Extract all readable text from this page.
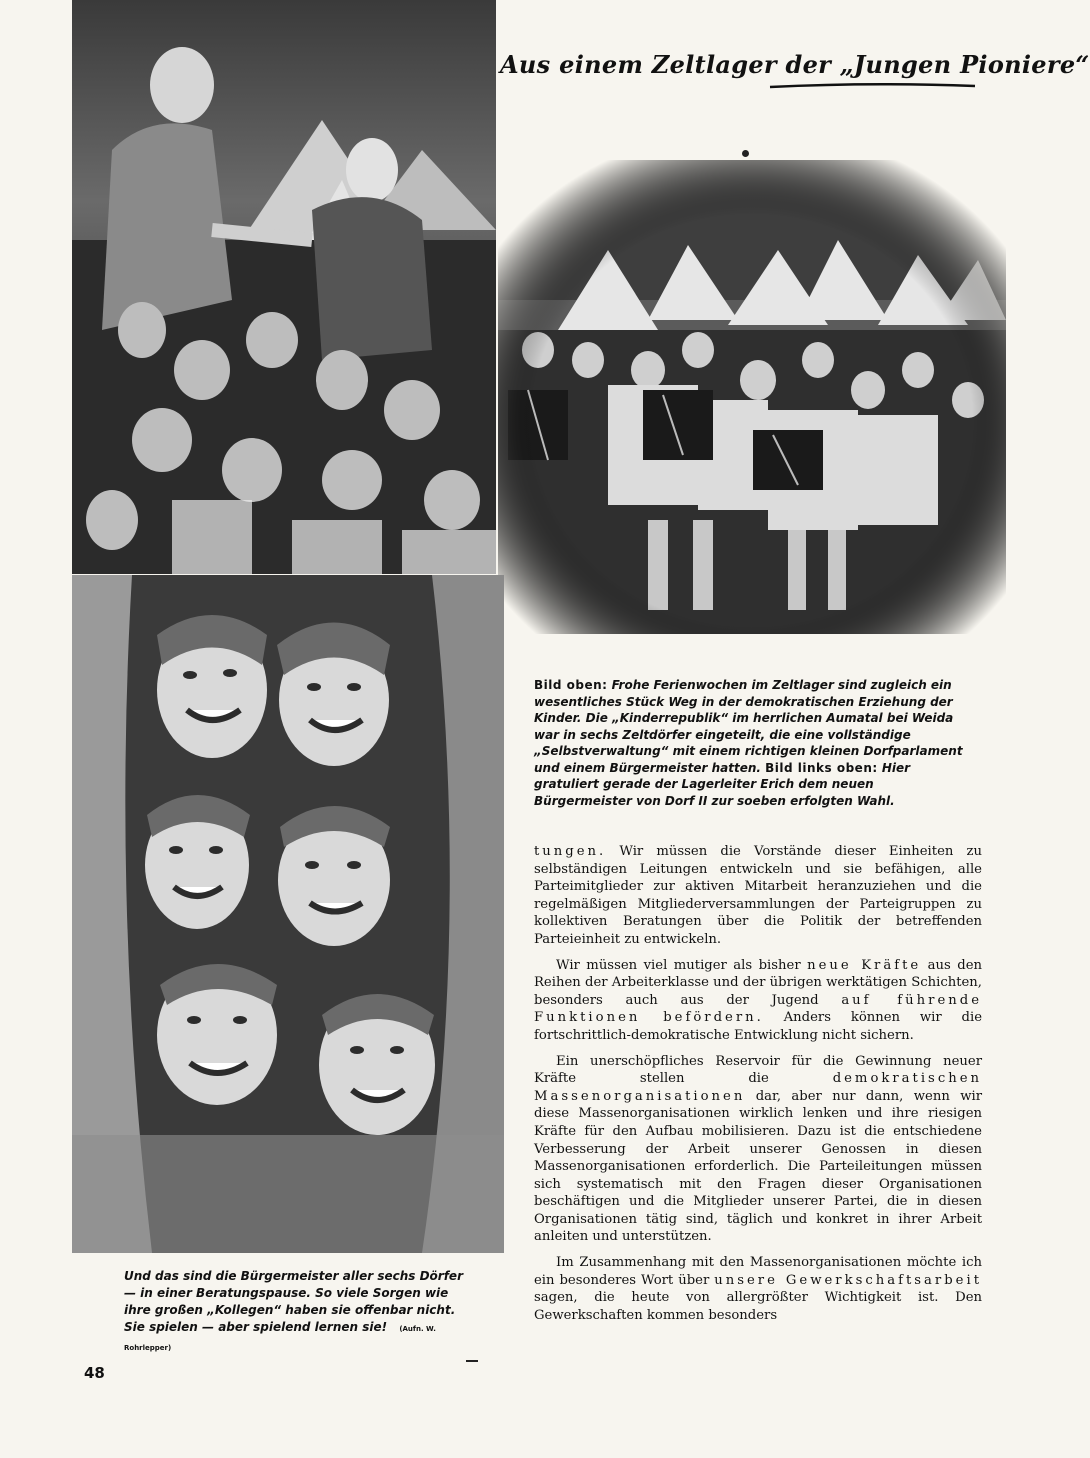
Aus einem Zeltlager der „Jungen Pioniere“

Bild oben: Frohe Ferienwochen im Zeltlager sind zugleich ein wesentliches Stück Weg in der demokratischen Erziehung der Kinder. Die „Kinderrepublik“ im herrlichen Aumatal bei Weida war in sechs Zeltdörfer eingeteilt, die eine vollständige „Selbstverwaltung“ mit einem richtigen kleinen Dorfparlament und einem Bürgermeister hatten. Bild links oben: Hier gratuliert gerade der Lagerleiter Erich dem neuen Bürgermeister von Dorf II zur soeben erfolgten Wahl.

Und das sind die Bürgermeister aller sechs Dörfer — in einer Beratungspause. So viele Sorgen wie ihre großen „Kollegen“ haben sie offenbar nicht. Sie spielen — aber spielend lernen sie! (Aufn. W. Rohrlepper)

tungen. Wir müssen die Vorstände dieser Einheiten zu selbständigen Leitungen entwickeln und sie befähigen, alle Parteimitglieder zur aktiven Mitarbeit heranzuziehen und die regelmäßigen Mitgliederversammlungen der Parteigruppen zu kollektiven Beratungen über die Politik der betreffenden Parteieinheit zu entwickeln.

Wir müssen viel mutiger als bisher neue Kräfte aus den Reihen der Arbeiterklasse und der übrigen werktätigen Schichten, besonders auch aus der Jugend auf führende Funktionen befördern. Anders können wir die fortschrittlich-demokratische Entwicklung nicht sichern.

Ein unerschöpfliches Reservoir für die Gewinnung neuer Kräfte stellen die demokratischen Massenorganisationen dar, aber nur dann, wenn wir diese Massenorganisationen wirklich lenken und ihre riesigen Kräfte für den Aufbau mobilisieren. Dazu ist die entschiedene Verbesserung der Arbeit unserer Genossen in diesen Massenorganisationen erforderlich. Die Parteileitungen müssen sich systematisch mit den Fragen dieser Organisationen beschäftigen und die Mitglieder unserer Partei, die in diesen Organisationen tätig sind, täglich und konkret in ihrer Arbeit anleiten und unterstützen.

Im Zusammenhang mit den Massenorganisationen möchte ich ein besonderes Wort über unsere Gewerkschaftsarbeit sagen, die heute von allergrößter Wichtigkeit ist. Den Gewerkschaften kommen besonders

48
